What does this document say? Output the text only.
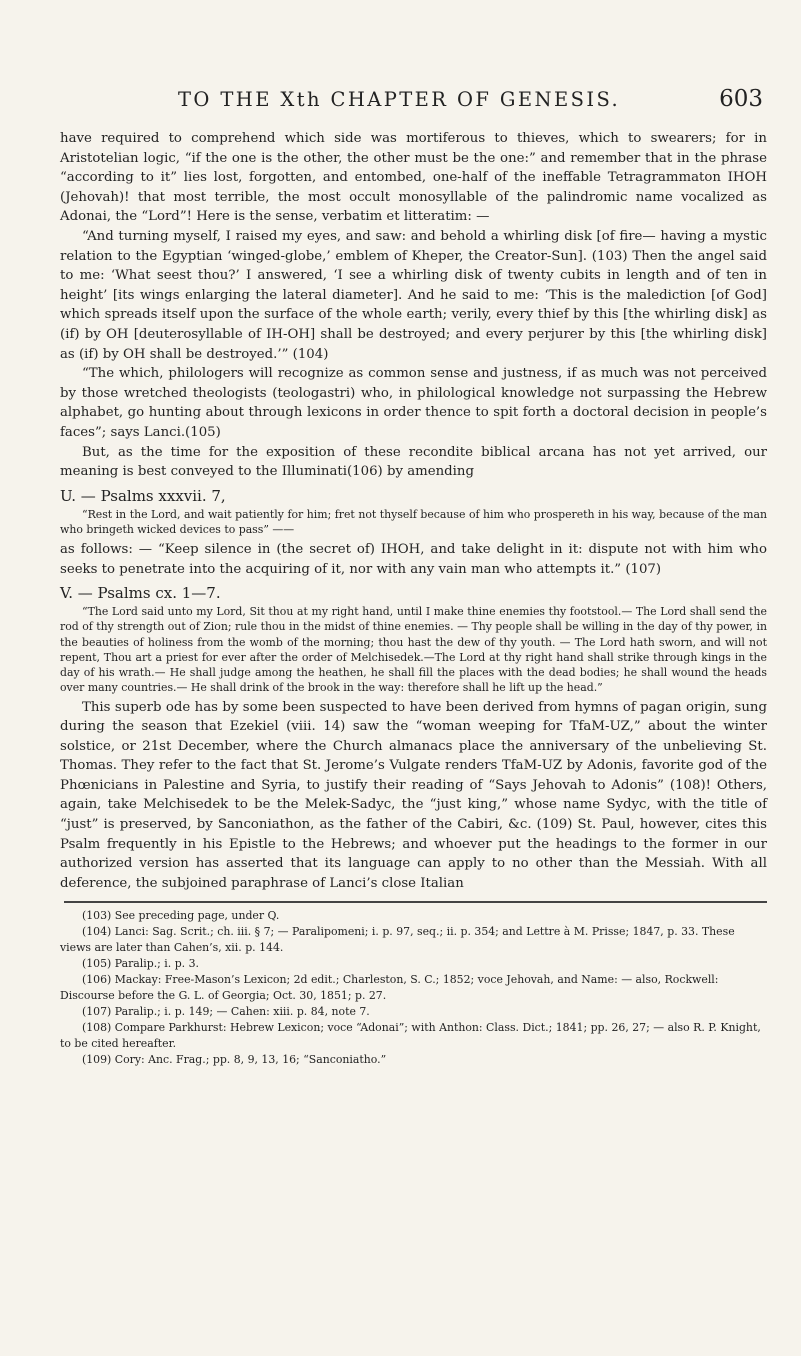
TO THE Xth CHAPTER OF GENESIS.	603

have required to comprehend which side was mortiferous to thieves, which to swearers; for in Aristotelian logic, “if the one is the other, the other must be the one:” and remember that in the phrase “according to it” lies lost, forgotten, and entombed, one-half of the ineffable Tetragrammaton IHOH (Jehovah)! that most terrible, the most occult monosyllable of the palindromic name vocalized as Adonai, the “Lord”! Here is the sense, verbatim et litteratim: —

“And turning myself, I raised my eyes, and saw: and behold a whirling disk [of fire— having a mystic relation to the Egyptian ‘winged-globe,’ emblem of Kheper, the Creator-Sun]. (103) Then the angel said to me: ‘What seest thou?’ I answered, ‘I see a whirling disk of twenty cubits in length and of ten in height’ [its wings enlarging the lateral diameter]. And he said to me: ‘This is the malediction [of God] which spreads itself upon the surface of the whole earth; verily, every thief by this [the whirling disk] as (if) by OH [deuterosyllable of IH-OH] shall be destroyed; and every perjurer by this [the whirling disk] as (if) by OH shall be destroyed.’” (104)

“The which, philologers will recognize as common sense and justness, if as much was not perceived by those wretched theologists (teologastri) who, in philological knowledge not surpassing the Hebrew alphabet, go hunting about through lexicons in order thence to spit forth a doctoral decision in people’s faces”; says Lanci.(105)

But, as the time for the exposition of these recondite biblical arcana has not yet arrived, our meaning is best conveyed to the Illuminati(106) by amending

U. — Psalms xxxvii. 7,

“Rest in the Lord, and wait patiently for him; fret not thyself because of him who prospereth in his way, because of the man who bringeth wicked devices to pass” ——

as follows: — “Keep silence in (the secret of) IHOH, and take delight in it: dispute not with him who seeks to penetrate into the acquiring of it, nor with any vain man who attempts it.” (107)

V. — Psalms cx. 1—7.

“The Lord said unto my Lord, Sit thou at my right hand, until I make thine enemies thy footstool.— The Lord shall send the rod of thy strength out of Zion; rule thou in the midst of thine enemies. — Thy people shall be willing in the day of thy power, in the beauties of holiness from the womb of the morning; thou hast the dew of thy youth. — The Lord hath sworn, and will not repent, Thou art a priest for ever after the order of Melchisedek.—The Lord at thy right hand shall strike through kings in the day of his wrath.— He shall judge among the heathen, he shall fill the places with the dead bodies; he shall wound the heads over many countries.— He shall drink of the brook in the way: therefore shall he lift up the head.”

This superb ode has by some been suspected to have been derived from hymns of pagan origin, sung during the season that Ezekiel (viii. 14) saw the “woman weeping for TfaM-UZ,” about the winter solstice, or 21st December, where the Church almanacs place the anniversary of the unbelieving St. Thomas. They refer to the fact that St. Jerome’s Vulgate renders TfaM-UZ by Adonis, favorite god of the Phœnicians in Palestine and Syria, to justify their reading of “Says Jehovah to Adonis” (108)! Others, again, take Melchisedek to be the Melek-Sadyc, the “just king,” whose name Sydyc, with the title of “just” is preserved, by Sanconiathon, as the father of the Cabiri, &c. (109) St. Paul, however, cites this Psalm frequently in his Epistle to the Hebrews; and whoever put the headings to the former in our authorized version has asserted that its language can apply to no other than the Messiah. With all deference, the subjoined paraphrase of Lanci’s close Italian

(103) See preceding page, under Q.

(104) Lanci: Sag. Scrit.; ch. iii. § 7; — Paralipomeni; i. p. 97, seq.; ii. p. 354; and Lettre à M. Prisse; 1847, p. 33. These views are later than Cahen’s, xii. p. 144.

(105) Paralip.; i. p. 3.

(106) Mackay: Free-Mason’s Lexicon; 2d edit.; Charleston, S. C.; 1852; voce Jehovah, and Name: — also, Rockwell: Discourse before the G. L. of Georgia; Oct. 30, 1851; p. 27.

(107) Paralip.; i. p. 149; — Cahen: xiii. p. 84, note 7.

(108) Compare Parkhurst: Hebrew Lexicon; voce “Adonai”; with Anthon: Class. Dict.; 1841; pp. 26, 27; — also R. P. Knight, to be cited hereafter.

(109) Cory: Anc. Frag.; pp. 8, 9, 13, 16; “Sanconiatho.”
